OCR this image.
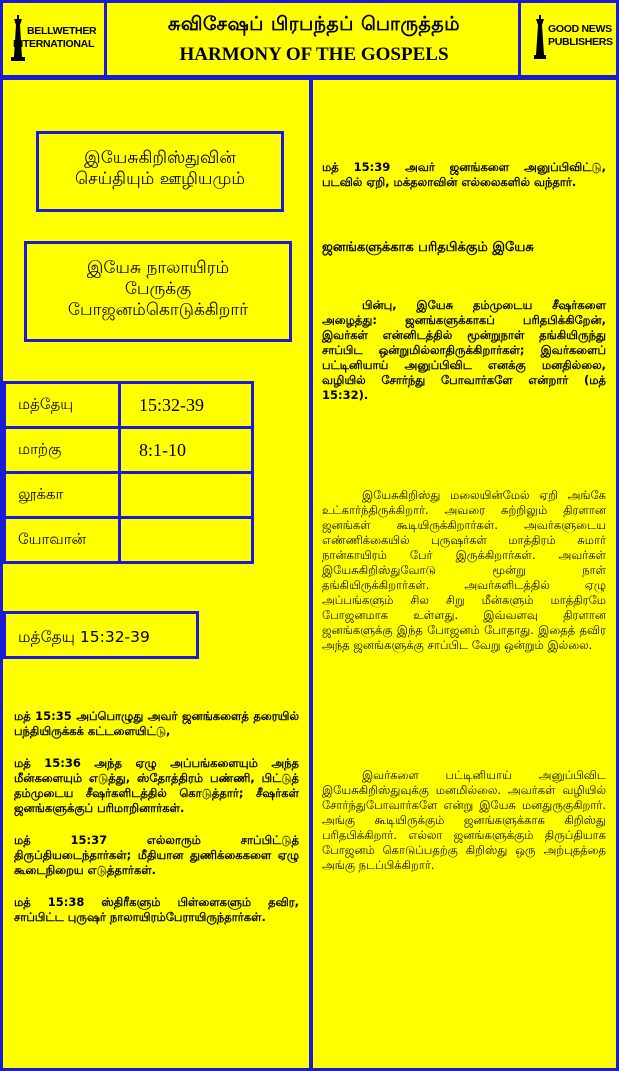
BELLWETHER
INTERNATIONAL
சுவிசேஷப் பிரபந்தப் பொருத்தம்
HARMONY OF THE GOSPELS
GOOD NEWS
PUBLISHERS
இயேசுகிறிஸ்துவின்
செய்தியும் ஊழியமும்
இயேசு நாலாயிரம்
பேருக்கு
போஜனம்கொடுக்கிறார்
மத்தேயு	15:32-39
மாற்கு	8:1-10
லூக்கா	
யோவான்	
மத்தேயு 15:32-39

மத் 15:35 அப்பொழுது அவர் ஜனங்களைத் தரையில் பந்தியிருக்கக் கட்டளையிட்டு,

மத் 15:36 அந்த ஏழு அப்பங்களையும் அந்த மீன்களையும் எடுத்து, ஸ்தோத்திரம் பண்ணி, பிட்டுத் தம்முடைய சீஷர்களிடத்தில் கொடுத்தார்; சீஷர்கள் ஜனங்களுக்குப் பரிமாறினார்கள்.

மத் 15:37 எல்லாரும் சாப்பிட்டுத் திருப்தியடைந்தார்கள்; மீதியான துணிக்கைகளை ஏழு கூடைநிறைய எடுத்தார்கள்.

மத் 15:38 ஸ்திரீகளும் பிள்ளைகளும் தவிர, சாப்பிட்ட புருஷர் நாலாயிரம்பேராயிருந்தார்கள்.

மத் 15:39 அவர் ஜனங்களை அனுப்பிவிட்டு, படவில் ஏறி, மக்தலாவின் எல்லைகளில் வந்தார்.

ஜனங்களுக்காக பரிதபிக்கும் இயேசு

பின்பு, இயேசு தம்முடைய சீஷர்களை அழைத்து: ஜனங்களுக்காகப் பரிதபிக்கிறேன், இவர்கள் என்னிடத்தில் மூன்றுநாள் தங்கியிருந்து சாப்பிட ஒன்றுமில்லாதிருக்கிறார்கள்; இவர்களைப் பட்டினியாய் அனுப்பிவிட எனக்கு மனதில்லை, வழியில் சோர்ந்து போவார்களே என்றார் (மத் 15:32).

இயேசுகிறிஸ்து மலையின்மேல் ஏறி அங்கே உட்கார்ந்திருக்கிறார். அவரை சுற்றிலும் திரளான ஜனங்கள் கூடியிருக்கிறார்கள். அவர்களுடைய எண்ணிக்கையில் புருஷர்கள் மாத்திரம் சுமார் நான்காயிரம் பேர் இருக்கிறார்கள். அவர்கள் இயேசுகிறிஸ்துவோடு மூன்று நாள் தங்கியிருக்கிறார்கள். அவர்களிடத்தில் ஏழு அப்பங்களும் சில சிறு மீன்களும் மாத்திரமே போஜனமாக உள்ளது. இவ்வளவு திரளான ஜனங்களுக்கு இந்த போஜனம் போதாது. இதைத் தவிர அந்த ஜனங்களுக்கு சாப்பிட வேறு ஒன்றும் இல்லை.

இவர்களை பட்டினியாய் அனுப்பிவிட இயேசுகிறிஸ்துவுக்கு மனமில்லை. அவர்கள் வழியில் சோர்ந்துபோவார்களே என்று இயேசு மனதுருகுகிறார். அங்கு கூடியிருக்கும் ஜனங்களுக்காக கிறிஸ்து பரிதபிக்கிறார். எல்லா ஜனங்களுக்கும் திருப்தியாக போஜனம் கொடுப்பதற்கு கிறிஸ்து ஒரு அற்புதத்தை அங்கு நடப்பிக்கிறார்.
